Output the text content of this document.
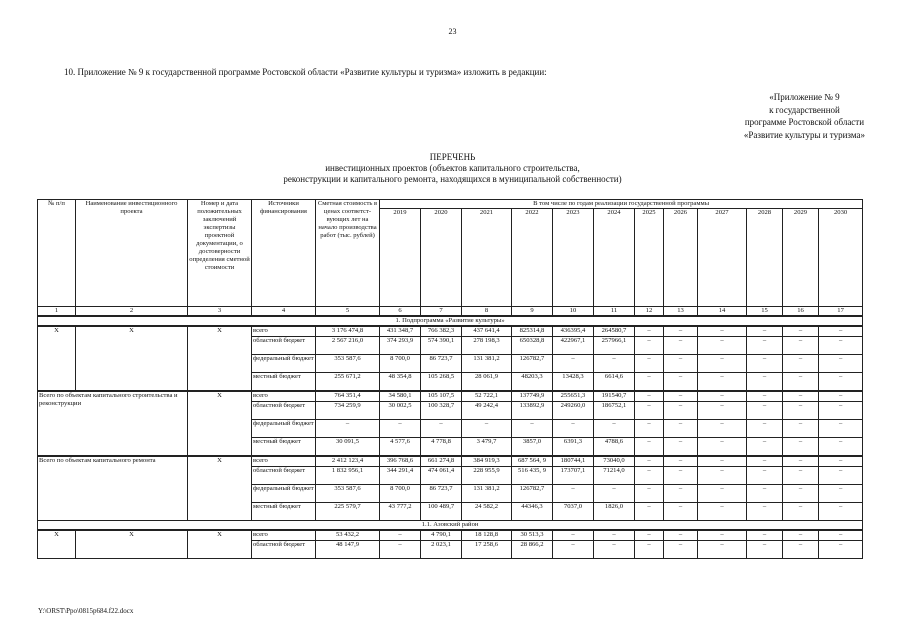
23
10. Приложение № 9 к государственной программе Ростовской области «Развитие культуры и туризма» изложить в редакции:
«Приложение № 9
к государственной
программе Ростовской области
«Развитие культуры и туризма»
ПЕРЕЧЕНЬ
инвестиционных проектов (объектов капитального строительства,
реконструкции и капитального ремонта, находящихся в муниципальной собственности)
№ п/п	Наименование инвестиционного проекта	Номер и дата положительных заключений экспертизы проектной документации, о достоверности определения сметной стоимости	Источники финансирования	Сметная стоимость в ценах соответст-вующих лет на начало производства работ (тыс. рублей)	В том числе по годам реализации государственной программы											
					2019	2020	2021	2022	2023	2024	2025	2026	2027	2028	2029	2030
1	2	3	4	5	6	7	8	9	10	11	12	13	14	15	16	17
1. Подпрограмма «Развитие культуры»																
X	X	X	всего	3 176 474,8	431 348,7	766 382,3	437 641,4	825314,8	436395,4	264580,7	–	–	–	–	–	–
			областной бюджет	2 567 216,0	374 293,9	574 390,1	278 198,3	650328,8	422967,1	257966,1	–	–	–	–	–	–
			федеральный бюджет	353 587,6	8 700,0	86 723,7	131 381,2	126782,7	–	–	–	–	–	–	–	–
			местный бюджет	255 671,2	48 354,8	105 268,5	28 061,9	48203,3	13428,3	6614,6	–	–	–	–	–	–
Всего по объектам капитального строительства и реконструкции		X	всего	764 351,4	34 580,1	105 107,5	52 722,1	137749,9	255651,3	191540,7	–	–	–	–	–	–
			областной бюджет	734 259,9	30 002,5	100 328,7	49 242,4	133892,9	249260,0	186752,1	–	–	–	–	–	–
			федеральный бюджет	–	–	–	–	–	–	–	–	–	–	–	–	–
			местный бюджет	30 091,5	4 577,6	4 778,8	3 479,7	3857,0	6391,3	4788,6	–	–	–	–	–	–
Всего по объектам капитального ремонта		X	всего	2 412 123,4	396 768,6	661 274,8	384 919,3	687 564, 9	180744,1	73040,0	–	–	–	–	–	–
			областной бюджет	1 832 956,1	344 291,4	474 061,4	228 955,9	516 435, 9	173707,1	71214,0	–	–	–	–	–	–
			федеральный бюджет	353 587,6	8 700,0	86 723,7	131 381,2	126782,7	–	–	–	–	–	–	–	–
			местный бюджет	225 579,7	43 777,2	100 489,7	24 582,2	44346,3	7037,0	1826,0	–	–	–	–	–	–
1.1. Азовский район																
X	X	X	всего	53 432,2	–	4 790,1	18 128,8	30 513,3	–	–	–	–	–	–	–	–
			областной бюджет	48 147,9	–	2 023,1	17 258,6	28 866,2	–	–	–	–	–	–	–	–
Y:\ORST\Ppo\0815p684.f22.docx
